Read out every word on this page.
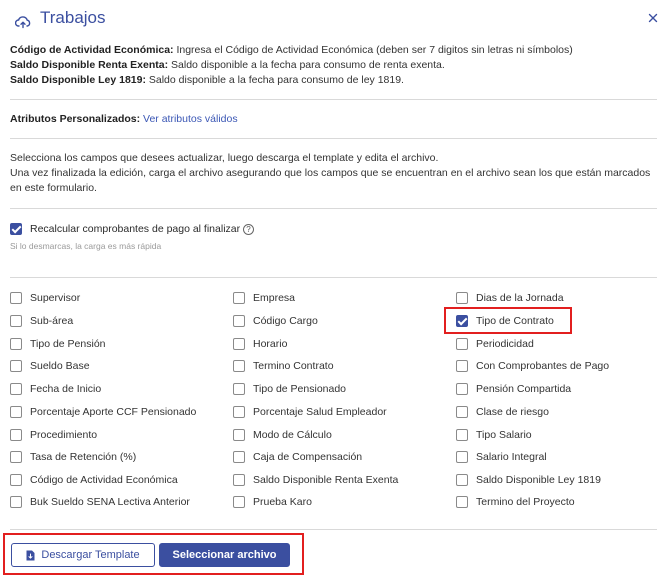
Trabajos
Código de Actividad Económica: Ingresa el Código de Actividad Económica (deben ser 7 digitos sin letras ni símbolos)
Saldo Disponible Renta Exenta: Saldo disponible a la fecha para consumo de renta exenta.
Saldo Disponible Ley 1819: Saldo disponible a la fecha para consumo de ley 1819.
Atributos Personalizados: Ver atributos válidos
Selecciona los campos que desees actualizar, luego descarga el template y edita el archivo.
Una vez finalizada la edición, carga el archivo asegurando que los campos que se encuentran en el archivo sean los que están marcados en este formulario.
Recalcular comprobantes de pago al finalizar ?
Si lo desmarcas, la carga es más rápida
Supervisor
Sub-área
Tipo de Pensión
Sueldo Base
Fecha de Inicio
Porcentaje Aporte CCF Pensionado
Procedimiento
Tasa de Retención (%)
Código de Actividad Económica
Buk Sueldo SENA Lectiva Anterior
Empresa
Código Cargo
Horario
Termino Contrato
Tipo de Pensionado
Porcentaje Salud Empleador
Modo de Cálculo
Caja de Compensación
Saldo Disponible Renta Exenta
Prueba Karo
Dias de la Jornada
Tipo de Contrato
Periodicidad
Con Comprobantes de Pago
Pensión Compartida
Clase de riesgo
Tipo Salario
Salario Integral
Saldo Disponible Ley 1819
Termino del Proyecto
Descargar Template	Seleccionar archivo
